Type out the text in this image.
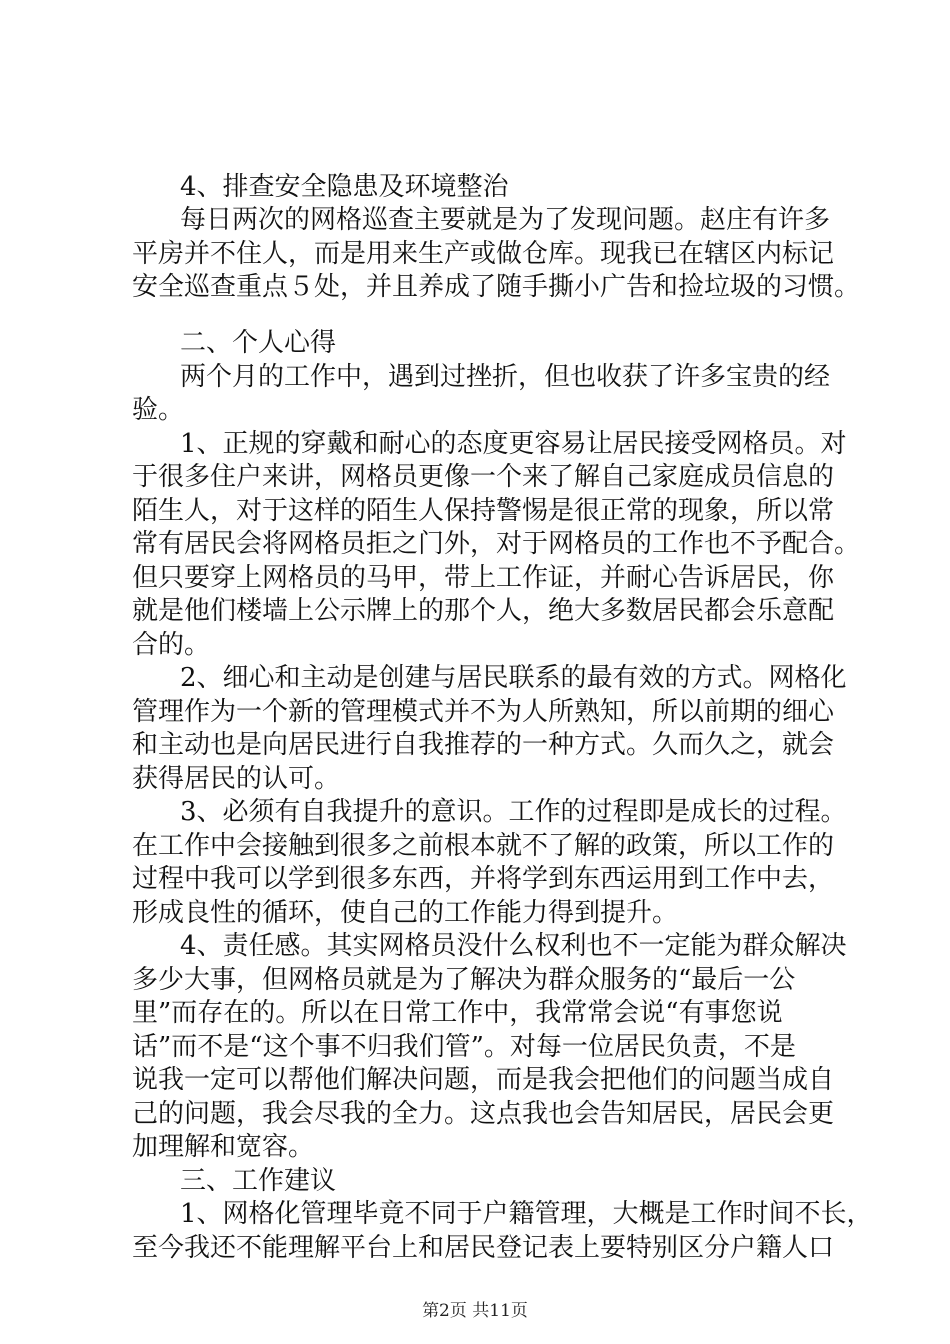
4、排查安全隐患及环境整治
每日两次的网格巡查主要就是为了发现问题。赵庄有许多
平房并不住人，而是用来生产或做仓库。现我已在辖区内标记
安全巡查重点５处，并且养成了随手撕小广告和捡垃圾的习惯。
二、个人心得
两个月的工作中，遇到过挫折，但也收获了许多宝贵的经
验。
1、正规的穿戴和耐心的态度更容易让居民接受网格员。对
于很多住户来讲，网格员更像一个来了解自己家庭成员信息的
陌生人，对于这样的陌生人保持警惕是很正常的现象，所以常
常有居民会将网格员拒之门外，对于网格员的工作也不予配合。
但只要穿上网格员的马甲，带上工作证，并耐心告诉居民，你
就是他们楼墙上公示牌上的那个人，绝大多数居民都会乐意配
合的。
2、细心和主动是创建与居民联系的最有效的方式。网格化
管理作为一个新的管理模式并不为人所熟知，所以前期的细心
和主动也是向居民进行自我推荐的一种方式。久而久之，就会
获得居民的认可。
3、必须有自我提升的意识。工作的过程即是成长的过程。
在工作中会接触到很多之前根本就不了解的政策，所以工作的
过程中我可以学到很多东西，并将学到东西运用到工作中去，
形成良性的循环，使自己的工作能力得到提升。
4、责任感。其实网格员没什么权利也不一定能为群众解决
多少大事，但网格员就是为了解决为群众服务的“最后一公
里”而存在的。所以在日常工作中，我常常会说“有事您说
话”而不是“这个事不归我们管”。对每一位居民负责，不是
说我一定可以帮他们解决问题，而是我会把他们的问题当成自
己的问题，我会尽我的全力。这点我也会告知居民，居民会更
加理解和宽容。
三、工作建议
1、网格化管理毕竟不同于户籍管理，大概是工作时间不长，
至今我还不能理解平台上和居民登记表上要特别区分户籍人口
第2页 共11页
